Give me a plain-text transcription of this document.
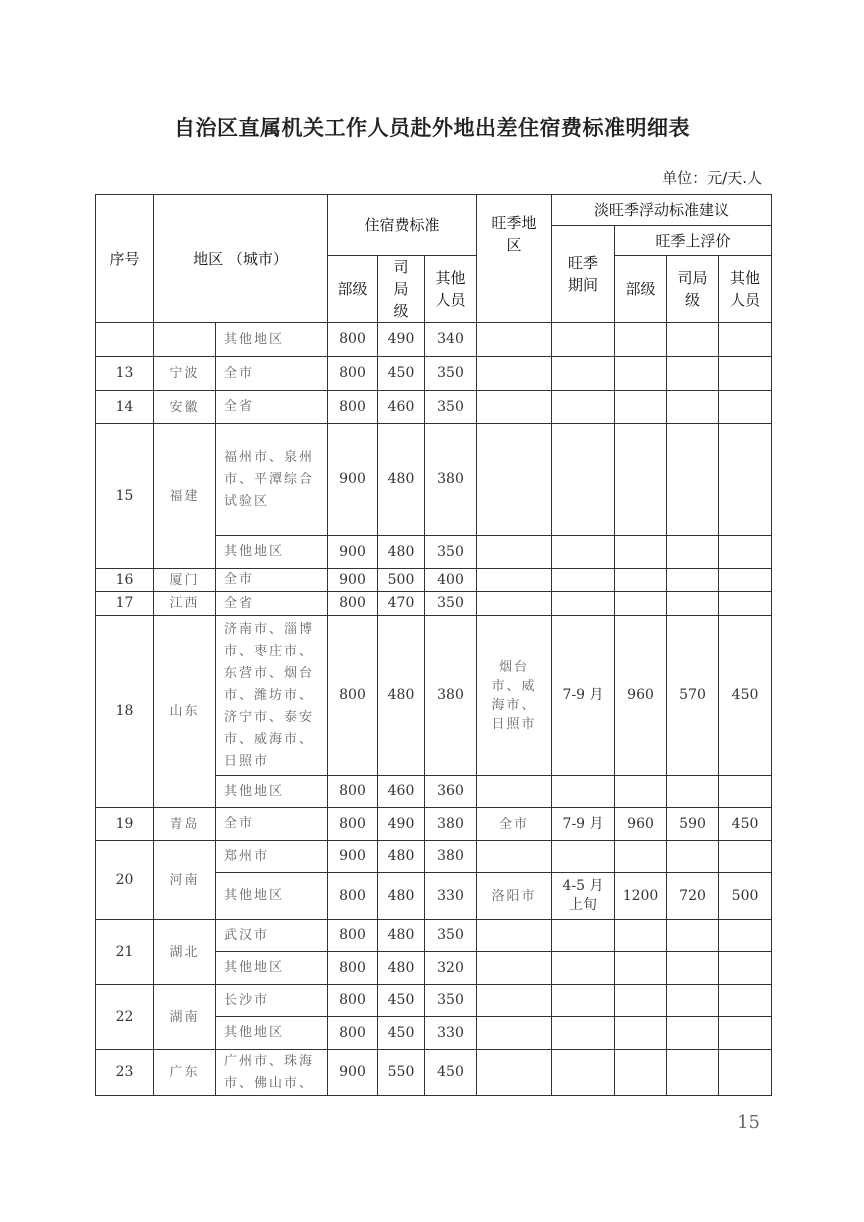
自治区直属机关工作人员赴外地出差住宿费标准明细表
单位：元/天.人
序号	地区 （城市）		住宿费标准			旺季地区	淡旺季浮动标准建议			
							旺季期间	旺季上浮价		
			部级	司局级	其他人员			部级	司局级	其他人员
		其他地区	800	490	340					
13	宁波	全市	800	450	350					
14	安徽	全省	800	460	350					
15	福建	福州市、泉州市、平潭综合试验区	900	480	380					
		其他地区	900	480	350					
16	厦门	全市	900	500	400					
17	江西	全省	800	470	350					
18	山东	济南市、淄博市、枣庄市、东营市、烟台市、潍坊市、济宁市、泰安市、威海市、日照市	800	480	380	烟台市、威海市、日照市	7-9 月	960	570	450
		其他地区	800	460	360					
19	青岛	全市	800	490	380	全市	7-9 月	960	590	450
20	河南	郑州市	900	480	380					
		其他地区	800	480	330	洛阳市	4-5 月上旬	1200	720	500
21	湖北	武汉市	800	480	350					
		其他地区	800	480	320					
22	湖南	长沙市	800	450	350					
		其他地区	800	450	330					
23	广东	广州市、珠海市、佛山市、	900	550	450					
15
